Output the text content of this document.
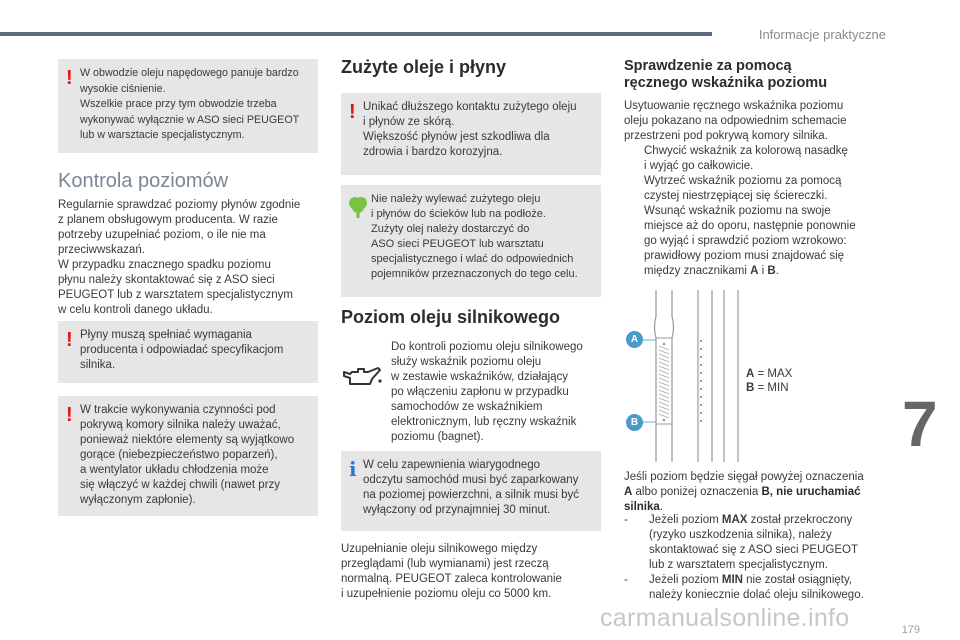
Informacje praktyczne
! W obwodzie oleju napędowego panuje bardzo
wysokie ciśnienie.
Wszelkie prace przy tym obwodzie trzeba
wykonywać wyłącznie w ASO sieci PEUGEOT
lub w warsztacie specjalistycznym.
Kontrola poziomów
Regularnie sprawdzać poziomy płynów zgodnie
z planem obsługowym producenta. W razie
potrzeby uzupełniać poziom, o ile nie ma
przeciwwskazań.
W przypadku znacznego spadku poziomu
płynu należy skontaktować się z ASO sieci
PEUGEOT lub z warsztatem specjalistycznym
w celu kontroli danego układu.
! Płyny muszą spełniać wymagania
producenta i odpowiadać specyfikacjom
silnika.
! W trakcie wykonywania czynności pod
pokrywą komory silnika należy uważać,
ponieważ niektóre elementy są wyjątkowo
gorące (niebezpieczeństwo poparzeń),
a wentylator układu chłodzenia może
się włączyć w każdej chwili (nawet przy
wyłączonym zapłonie).
Zużyte oleje i płyny
! Unikać dłuższego kontaktu zużytego oleju
i płynów ze skórą.
Większość płynów jest szkodliwa dla
zdrowia i bardzo korozyjna.
Nie należy wylewać zużytego oleju
i płynów do ścieków lub na podłoże.
Zużyty olej należy dostarczyć do
ASO sieci PEUGEOT lub warsztatu
specjalistycznego i wlać do odpowiednich
pojemników przeznaczonych do tego celu.
Poziom oleju silnikowego
Do kontroli poziomu oleju silnikowego
służy wskaźnik poziomu oleju
w zestawie wskaźników, działający
po włączeniu zapłonu w przypadku
samochodów ze wskaźnikiem
elektronicznym, lub ręczny wskaźnik
poziomu (bagnet).
i W celu zapewnienia wiarygodnego
odczytu samochód musi być zaparkowany
na poziomej powierzchni, a silnik musi być
wyłączony od przynajmniej 30 minut.
Uzupełnianie oleju silnikowego między
przeglądami (lub wymianami) jest rzeczą
normalną. PEUGEOT zaleca kontrolowanie
i uzupełnienie poziomu oleju co 5000 km.
Sprawdzenie za pomocą
ręcznego wskaźnika poziomu
Usytuowanie ręcznego wskaźnika poziomu
oleju pokazano na odpowiednim schemacie
przestrzeni pod pokrywą komory silnika.
Chwycić wskaźnik za kolorową nasadkę
i wyjąć go całkowicie.
Wytrzeć wskaźnik poziomu za pomocą
czystej niestrzępiącej się ściereczki.
Wsunąć wskaźnik poziomu na swoje
miejsce aż do oporu, następnie ponownie
go wyjąć i sprawdzić poziom wzrokowo:
prawidłowy poziom musi znajdować się
między znacznikami A i B.
A
B
A = MAX
B = MIN
Jeśli poziom będzie sięgał powyżej oznaczenia
A albo poniżej oznaczenia B, nie uruchamiać
silnika.
- Jeżeli poziom MAX został przekroczony
(ryzyko uszkodzenia silnika), należy
skontaktować się z ASO sieci PEUGEOT
lub z warsztatem specjalistycznym.
- Jeżeli poziom MIN nie został osiągnięty,
należy koniecznie dolać oleju silnikowego.
7
carmanualsonline.info	179
